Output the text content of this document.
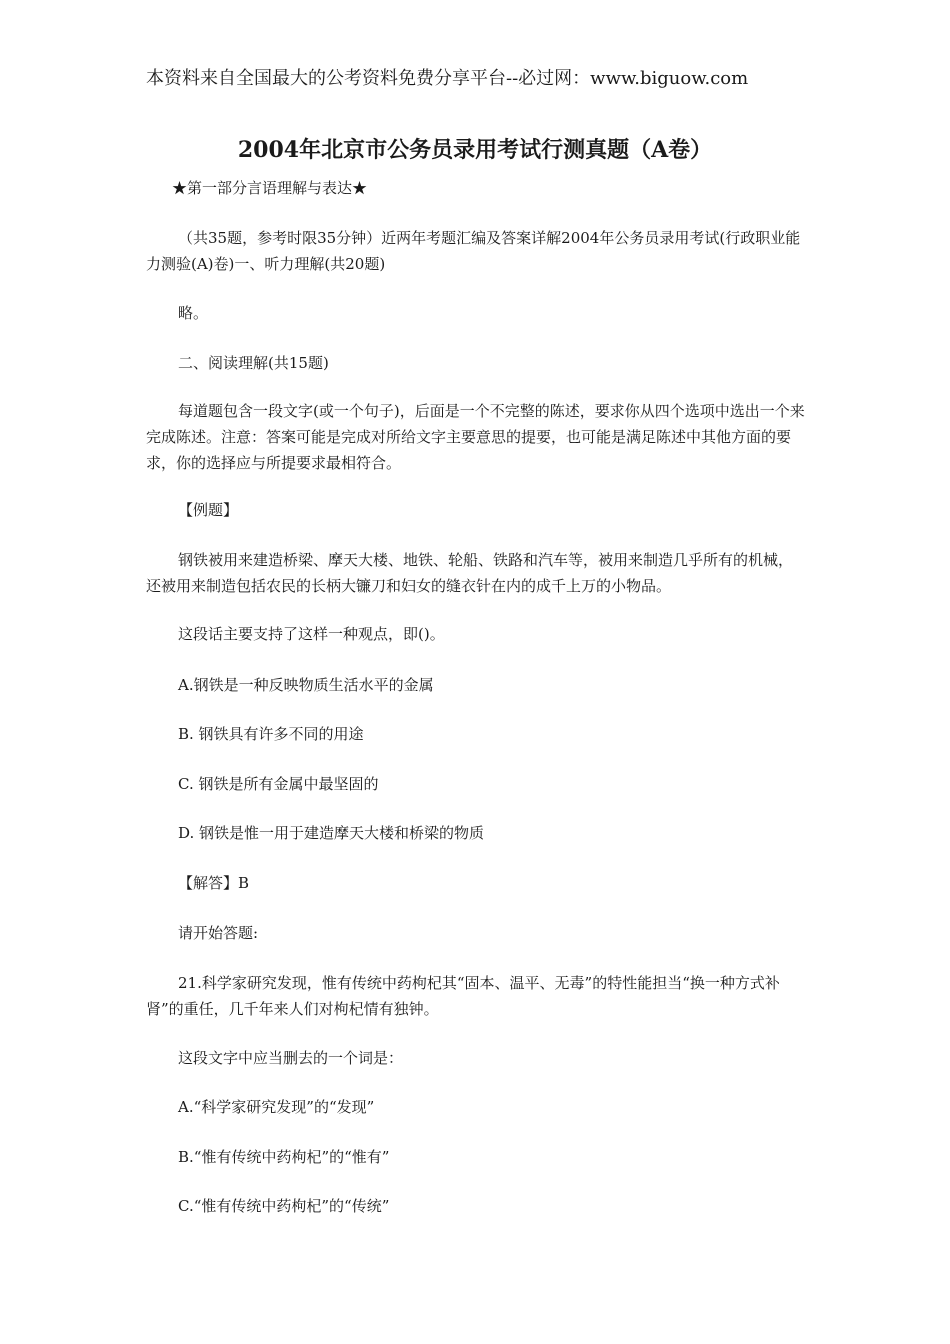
本资料来自全国最大的公考资料免费分享平台--必过网：www.biguow.com
2004年北京市公务员录用考试行测真题（A卷）
★第一部分言语理解与表达★

（共35题，参考时限35分钟）近两年考题汇编及答案详解2004年公务员录用考试(行政职业能力测验(A)卷)一、听力理解(共20题)

略。

二、阅读理解(共15题)

每道题包含一段文字(或一个句子)，后面是一个不完整的陈述，要求你从四个选项中选出一个来完成陈述。注意：答案可能是完成对所给文字主要意思的提要，也可能是满足陈述中其他方面的要求，你的选择应与所提要求最相符合。

【例题】

钢铁被用来建造桥梁、摩天大楼、地铁、轮船、铁路和汽车等，被用来制造几乎所有的机械，还被用来制造包括农民的长柄大镰刀和妇女的缝衣针在内的成千上万的小物品。

这段话主要支持了这样一种观点，即()。

A.钢铁是一种反映物质生活水平的金属

B. 钢铁具有许多不同的用途

C. 钢铁是所有金属中最坚固的

D. 钢铁是惟一用于建造摩天大楼和桥梁的物质

【解答】B

请开始答题:

21.科学家研究发现，惟有传统中药枸杞其“固本、温平、无毒”的特性能担当“换一种方式补肾”的重任，几千年来人们对枸杞情有独钟。

这段文字中应当删去的一个词是：

A.“科学家研究发现”的“发现”

B.“惟有传统中药枸杞”的“惟有”

C.“惟有传统中药枸杞”的“传统”
